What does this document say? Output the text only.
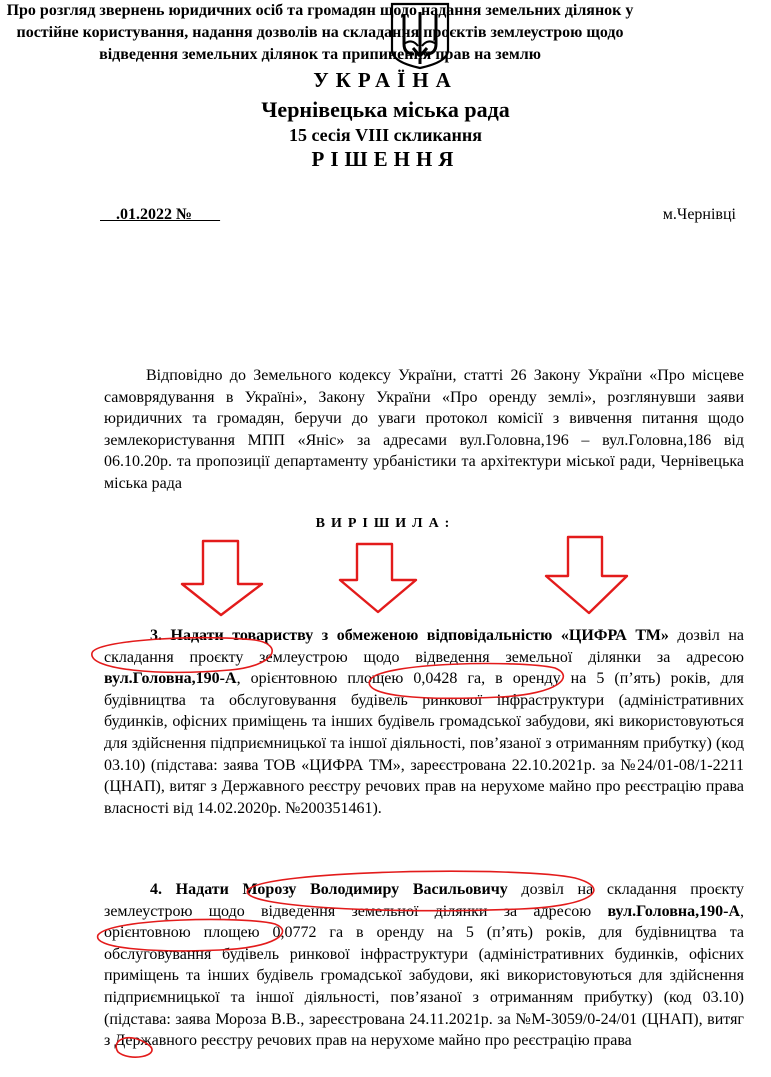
УКРАЇНА
Чернівецька міська рада
15 сесія VIII скликання
РІШЕННЯ
.01.2022 №	м.Чернівці
Про розгляд звернень юридичних осіб та громадян щодо надання земельних ділянок у постійне користування, надання дозволів на складання проєктів землеустрою щодо відведення земельних ділянок та припинення прав на землю
Відповідно до Земельного кодексу України, статті 26 Закону України «Про місцеве самоврядування в Україні», Закону України «Про оренду землі», розглянувши заяви юридичних та громадян, беручи до уваги протокол комісії з вивчення питання щодо землекористування МПП «Яніс» за адресами вул.Головна,196 – вул.Головна,186 від 06.10.20р. та пропозиції департаменту урбаністики та архітектури міської ради, Чернівецька міська рада
ВИРІШИЛА:
3. Надати товариству з обмеженою відповідальністю «ЦИФРА ТМ» дозвіл на складання проєкту землеустрою щодо відведення земельної ділянки за адресою вул.Головна,190-А, орієнтовною площею 0,0428 га, в оренду на 5 (п’ять) років, для будівництва та обслуговування будівель ринкової інфраструктури (адміністративних будинків, офісних приміщень та інших будівель громадської забудови, які використовуються для здійснення підприємницької та іншої діяльності, пов’язаної з отриманням прибутку) (код 03.10) (підстава: заява ТОВ «ЦИФРА ТМ», зареєстрована 22.10.2021р. за №24/01-08/1-2211 (ЦНАП), витяг з Державного реєстру речових прав на нерухоме майно про реєстрацію права власності від 14.02.2020р. №200351461).
4. Надати Морозу Володимиру Васильовичу дозвіл на складання проєкту землеустрою щодо відведення земельної ділянки за адресою вул.Головна,190-А, орієнтовною площею 0,0772 га в оренду на 5 (п’ять) років, для будівництва та обслуговування будівель ринкової інфраструктури (адміністративних будинків, офісних приміщень та інших будівель громадської забудови, які використовуються для здійснення підприємницької та іншої діяльності, пов’язаної з отриманням прибутку) (код 03.10) (підстава: заява Мороза В.В., зареєстрована 24.11.2021р. за №М-3059/0-24/01 (ЦНАП), витяг з Державного реєстру речових прав на нерухоме майно про реєстрацію права
